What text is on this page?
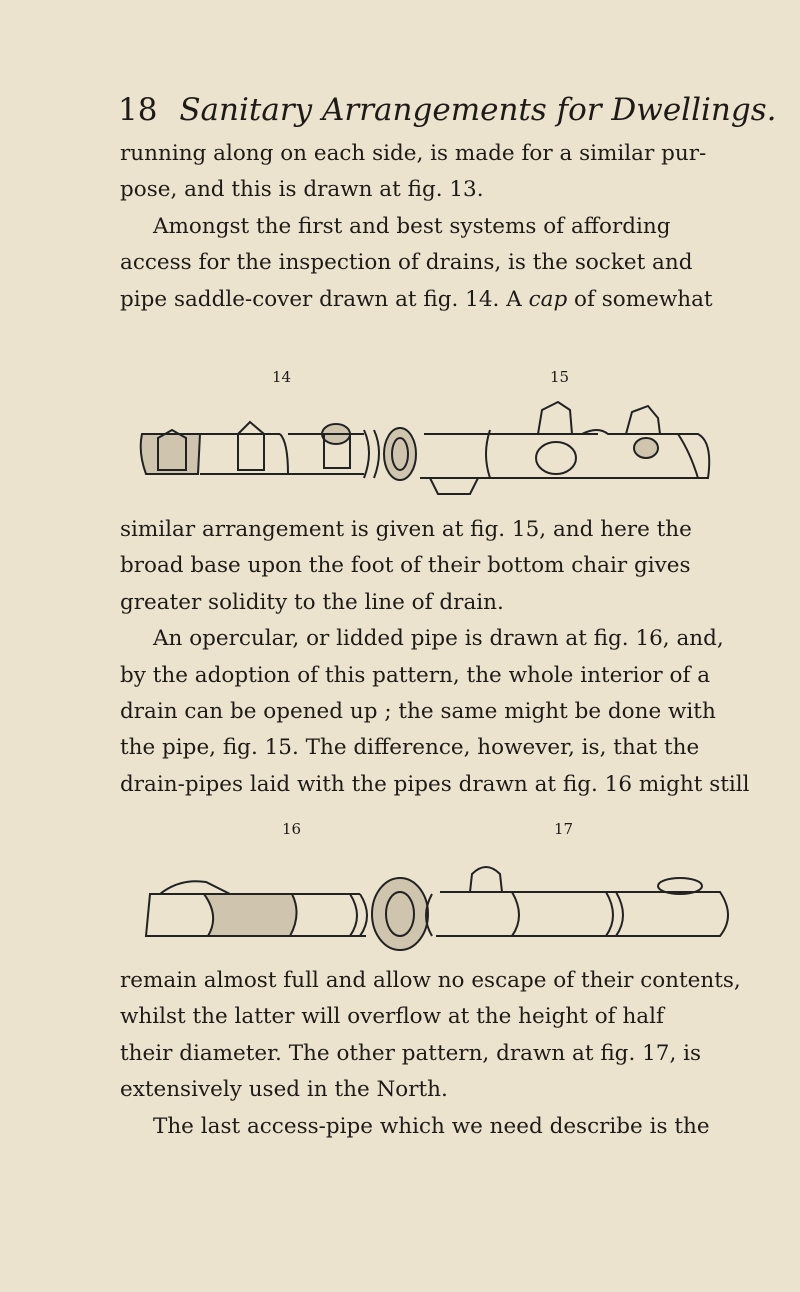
18 Sanitary Arrangements for Dwellings.

running along on each side, is made for a similar pur-

pose, and this is drawn at fig. 13.

Amongst the first and best systems of affording

access for the inspection of drains, is the socket and

pipe saddle-cover drawn at fig. 14. A cap of somewhat

14	15

similar arrangement is given at fig. 15, and here the

broad base upon the foot of their bottom chair gives

greater solidity to the line of drain.

An opercular, or lidded pipe is drawn at fig. 16, and,

by the adoption of this pattern, the whole interior of a

drain can be opened up ; the same might be done with

the pipe, fig. 15. The difference, however, is, that the

drain-pipes laid with the pipes drawn at fig. 16 might still

16	17

remain almost full and allow no escape of their contents,

whilst the latter will overflow at the height of half

their diameter. The other pattern, drawn at fig. 17, is

extensively used in the North.

The last access-pipe which we need describe is the
